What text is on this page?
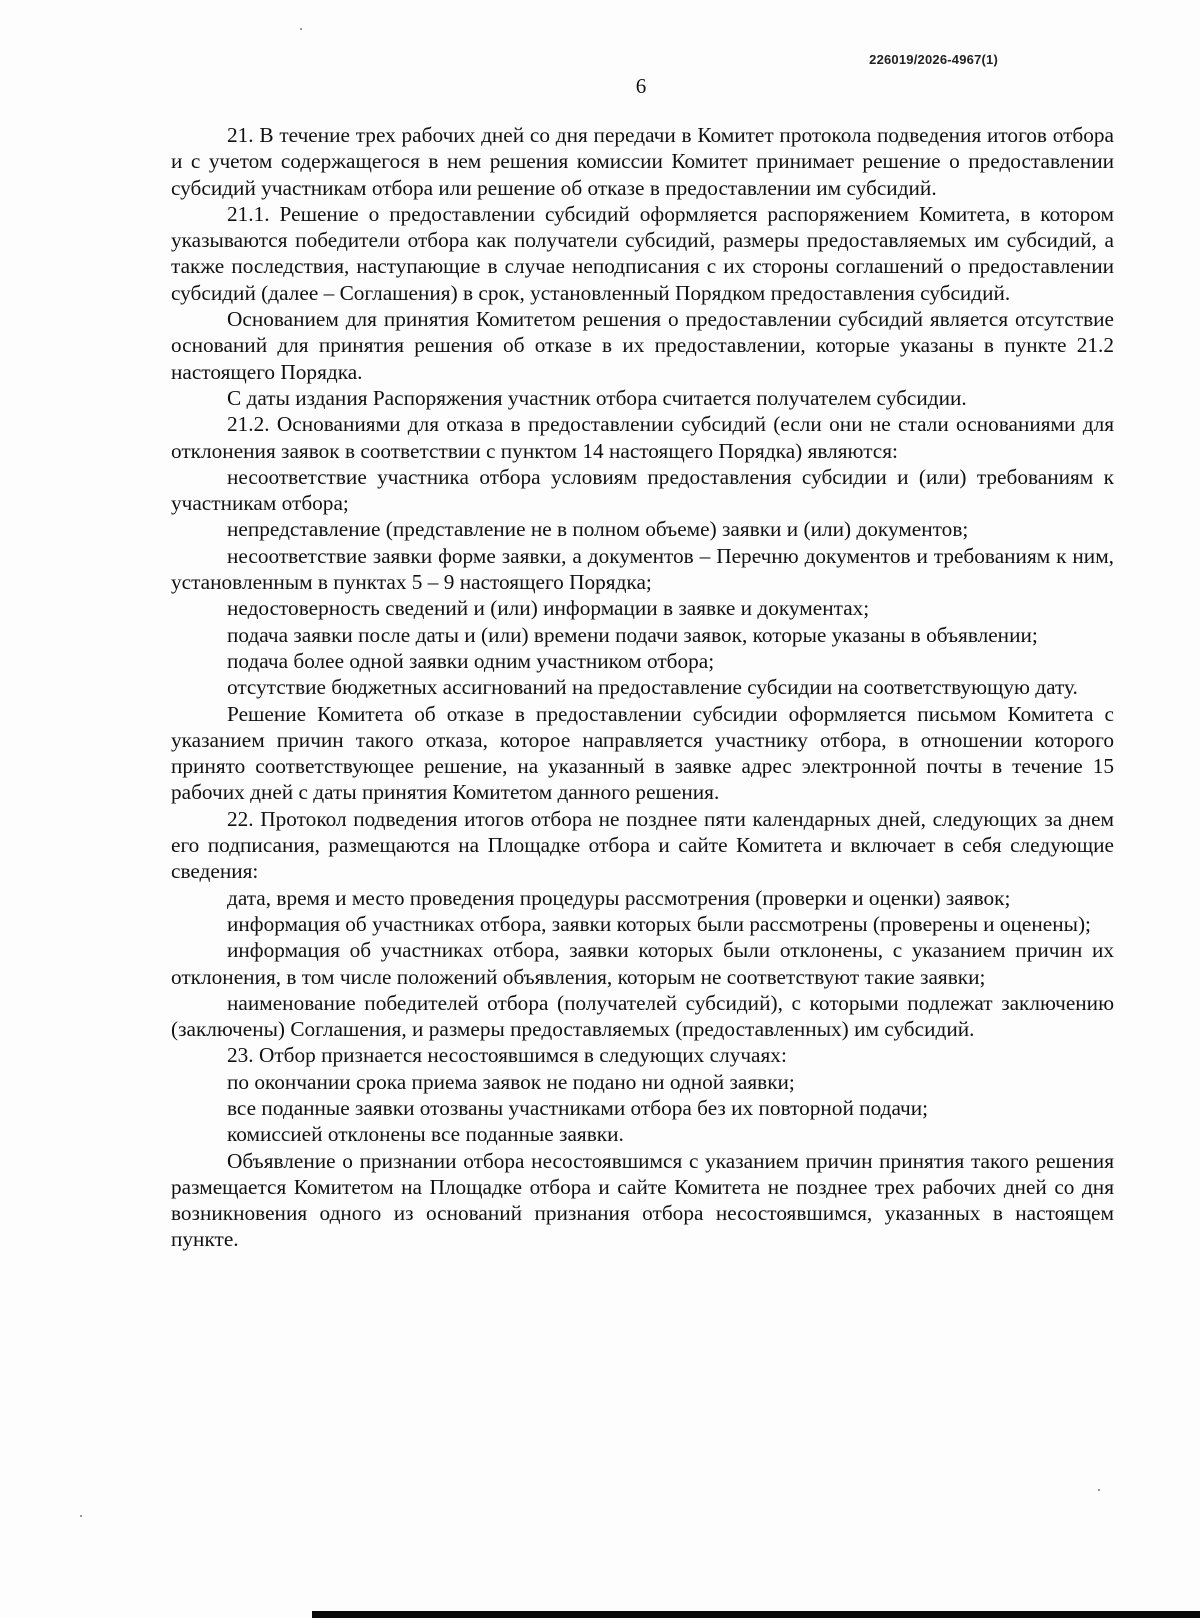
226019/2026-4967(1)
6

21. В течение трех рабочих дней со дня передачи в Комитет протокола подведения итогов отбора и с учетом содержащегося в нем решения комиссии Комитет принимает решение о предоставлении субсидий участникам отбора или решение об отказе в предоставлении им субсидий.

21.1. Решение о предоставлении субсидий оформляется распоряжением Комитета, в котором указываются победители отбора как получатели субсидий, размеры предоставляемых им субсидий, а также последствия, наступающие в случае неподписания с их стороны соглашений о предоставлении субсидий (далее – Соглашения) в срок, установленный Порядком предоставления субсидий.

Основанием для принятия Комитетом решения о предоставлении субсидий является отсутствие оснований для принятия решения об отказе в их предоставлении, которые указаны в пункте 21.2 настоящего Порядка.

С даты издания Распоряжения участник отбора считается получателем субсидии.

21.2. Основаниями для отказа в предоставлении субсидий (если они не стали основаниями для отклонения заявок в соответствии с пунктом 14 настоящего Порядка) являются:

несоответствие участника отбора условиям предоставления субсидии и (или) требованиям к участникам отбора;

непредставление (представление не в полном объеме) заявки и (или) документов;

несоответствие заявки форме заявки, а документов – Перечню документов и требованиям к ним, установленным в пунктах 5 – 9 настоящего Порядка;

недостоверность сведений и (или) информации в заявке и документах;

подача заявки после даты и (или) времени подачи заявок, которые указаны в объявлении;

подача более одной заявки одним участником отбора;

отсутствие бюджетных ассигнований на предоставление субсидии на соответствующую дату.

Решение Комитета об отказе в предоставлении субсидии оформляется письмом Комитета с указанием причин такого отказа, которое направляется участнику отбора, в отношении которого принято соответствующее решение, на указанный в заявке адрес электронной почты в течение 15 рабочих дней с даты принятия Комитетом данного решения.

22. Протокол подведения итогов отбора не позднее пяти календарных дней, следующих за днем его подписания, размещаются на Площадке отбора и сайте Комитета и включает в себя следующие сведения:

дата, время и место проведения процедуры рассмотрения (проверки и оценки) заявок;

информация об участниках отбора, заявки которых были рассмотрены (проверены и оценены);

информация об участниках отбора, заявки которых были отклонены, с указанием причин их отклонения, в том числе положений объявления, которым не соответствуют такие заявки;

наименование победителей отбора (получателей субсидий), с которыми подлежат заключению (заключены) Соглашения, и размеры предоставляемых (предоставленных) им субсидий.

23. Отбор признается несостоявшимся в следующих случаях:

по окончании срока приема заявок не подано ни одной заявки;

все поданные заявки отозваны участниками отбора без их повторной подачи;

комиссией отклонены все поданные заявки.

Объявление о признании отбора несостоявшимся с указанием причин принятия такого решения размещается Комитетом на Площадке отбора и сайте Комитета не позднее трех рабочих дней со дня возникновения одного из оснований признания отбора несостоявшимся, указанных в настоящем пункте.
